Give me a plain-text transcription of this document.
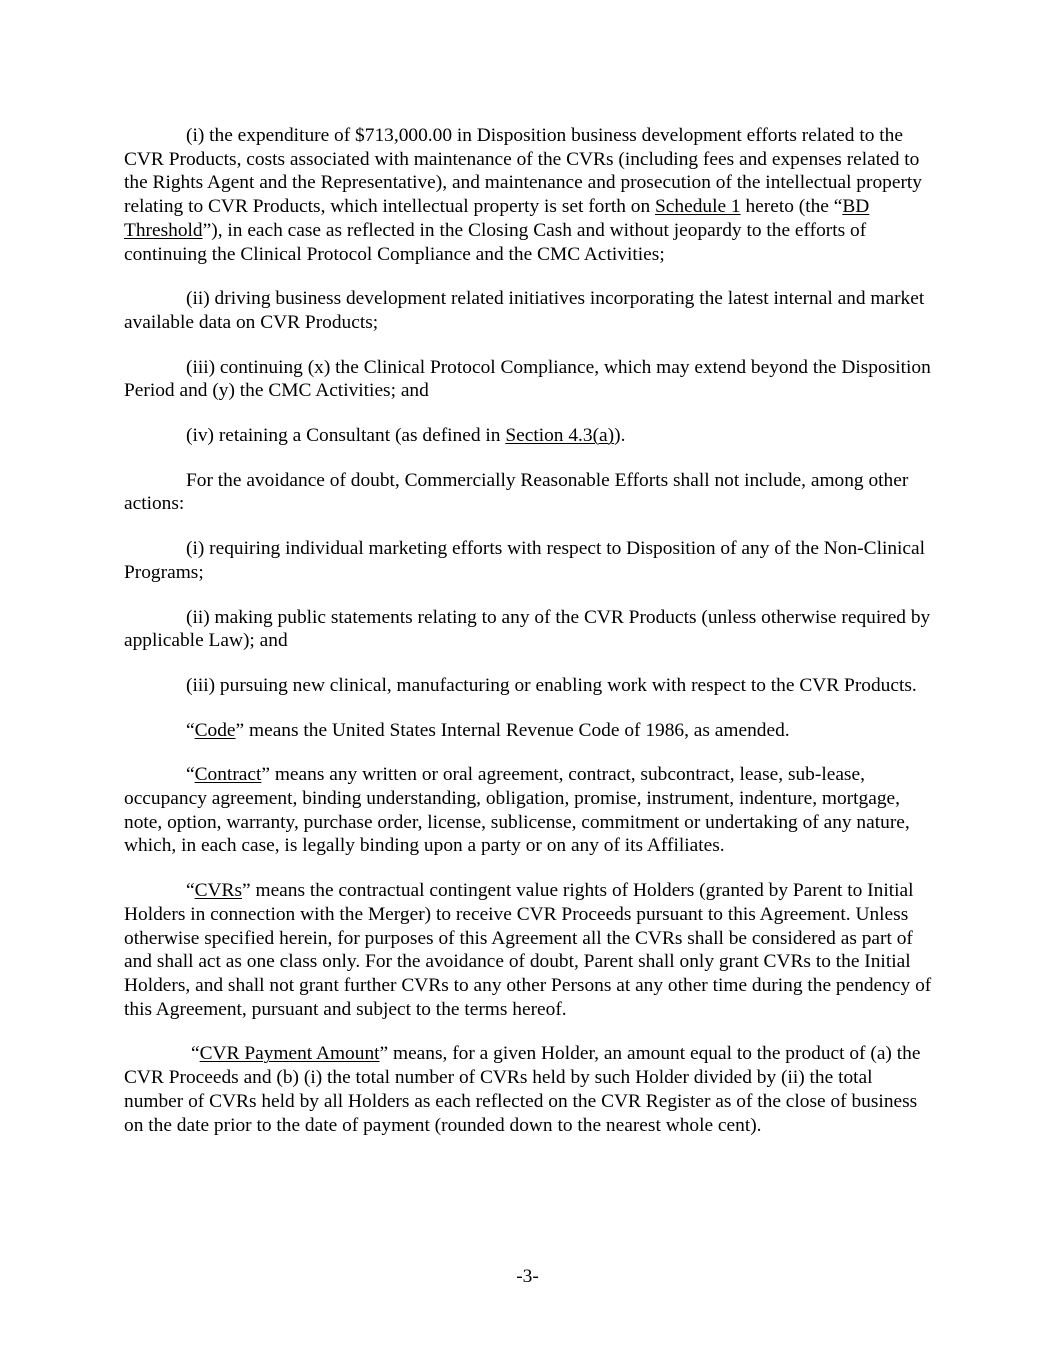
(i) the expenditure of $713,000.00 in Disposition business development efforts related to the CVR Products, costs associated with maintenance of the CVRs (including fees and expenses related to the Rights Agent and the Representative), and maintenance and prosecution of the intellectual property relating to CVR Products, which intellectual property is set forth on Schedule 1 hereto (the “BD Threshold”), in each case as reflected in the Closing Cash and without jeopardy to the efforts of continuing the Clinical Protocol Compliance and the CMC Activities;

(ii) driving business development related initiatives incorporating the latest internal and market available data on CVR Products;

(iii) continuing (x) the Clinical Protocol Compliance, which may extend beyond the Disposition Period and (y) the CMC Activities; and

(iv) retaining a Consultant (as defined in Section 4.3(a)).

For the avoidance of doubt, Commercially Reasonable Efforts shall not include, among other actions:

(i) requiring individual marketing efforts with respect to Disposition of any of the Non-Clinical Programs;

(ii) making public statements relating to any of the CVR Products (unless otherwise required by applicable Law); and

(iii) pursuing new clinical, manufacturing or enabling work with respect to the CVR Products.

“Code” means the United States Internal Revenue Code of 1986, as amended.

“Contract” means any written or oral agreement, contract, subcontract, lease, sub-lease, occupancy agreement, binding understanding, obligation, promise, instrument, indenture, mortgage, note, option, warranty, purchase order, license, sublicense, commitment or undertaking of any nature, which, in each case, is legally binding upon a party or on any of its Affiliates.

“CVRs” means the contractual contingent value rights of Holders (granted by Parent to Initial Holders in connection with the Merger) to receive CVR Proceeds pursuant to this Agreement. Unless otherwise specified herein, for purposes of this Agreement all the CVRs shall be considered as part of and shall act as one class only. For the avoidance of doubt, Parent shall only grant CVRs to the Initial Holders, and shall not grant further CVRs to any other Persons at any other time during the pendency of this Agreement, pursuant and subject to the terms hereof.

“CVR Payment Amount” means, for a given Holder, an amount equal to the product of (a) the CVR Proceeds and (b) (i) the total number of CVRs held by such Holder divided by (ii) the total number of CVRs held by all Holders as each reflected on the CVR Register as of the close of business on the date prior to the date of payment (rounded down to the nearest whole cent).

-3-
